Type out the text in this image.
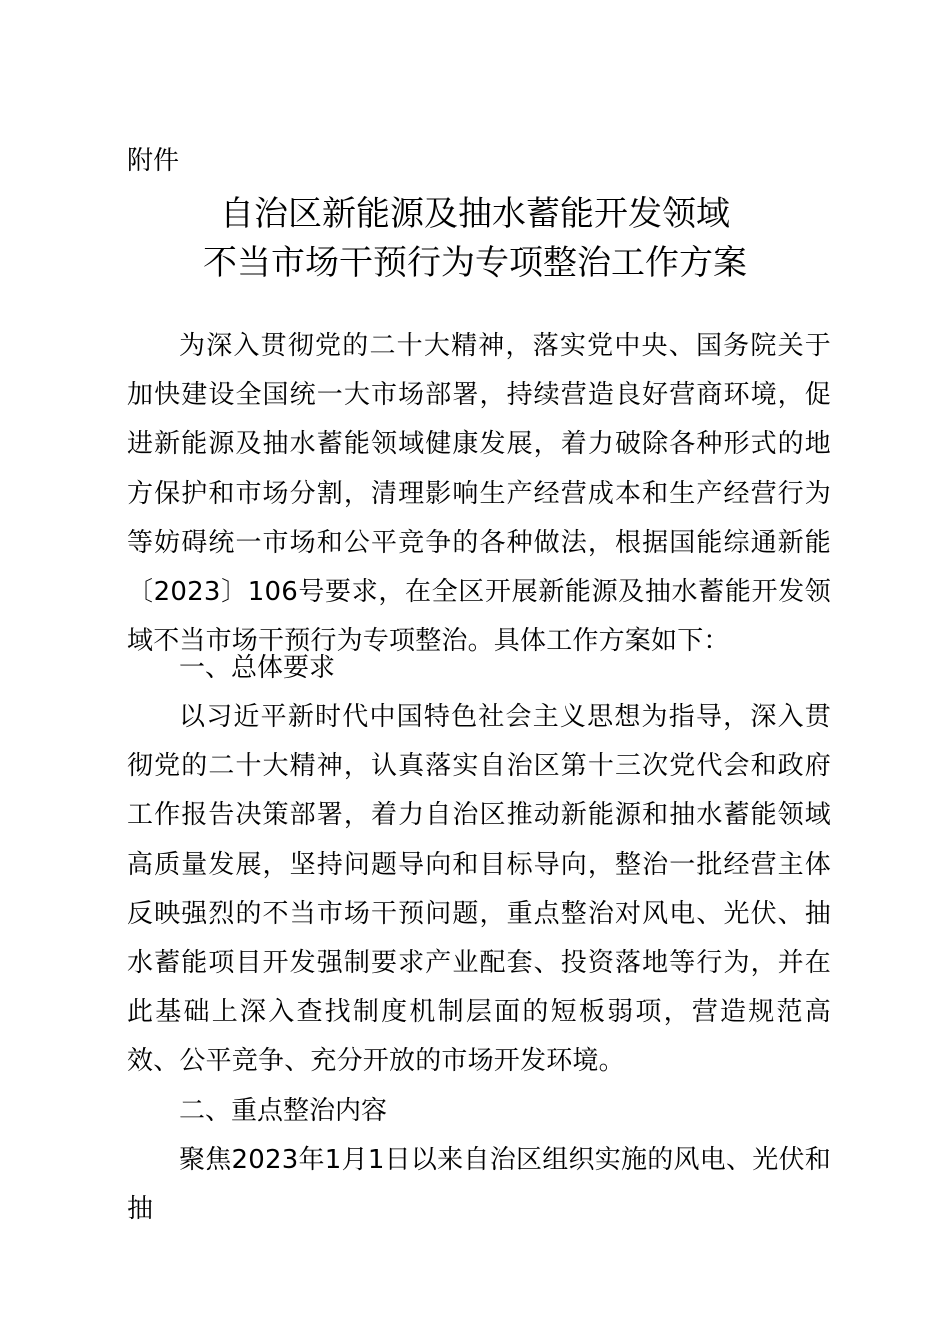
附件
自治区新能源及抽水蓄能开发领域
不当市场干预行为专项整治工作方案

为深入贯彻党的二十大精神，落实党中央、国务院关于加快建设全国统一大市场部署，持续营造良好营商环境，促进新能源及抽水蓄能领域健康发展，着力破除各种形式的地方保护和市场分割，清理影响生产经营成本和生产经营行为等妨碍统一市场和公平竞争的各种做法，根据国能综通新能〔2023〕106号要求，在全区开展新能源及抽水蓄能开发领域不当市场干预行为专项整治。具体工作方案如下：

一、总体要求

以习近平新时代中国特色社会主义思想为指导，深入贯彻党的二十大精神，认真落实自治区第十三次党代会和政府工作报告决策部署，着力自治区推动新能源和抽水蓄能领域高质量发展，坚持问题导向和目标导向，整治一批经营主体反映强烈的不当市场干预问题，重点整治对风电、光伏、抽水蓄能项目开发强制要求产业配套、投资落地等行为，并在此基础上深入查找制度机制层面的短板弱项，营造规范高效、公平竞争、充分开放的市场开发环境。

二、重点整治内容

聚焦2023年1月1日以来自治区组织实施的风电、光伏和抽
